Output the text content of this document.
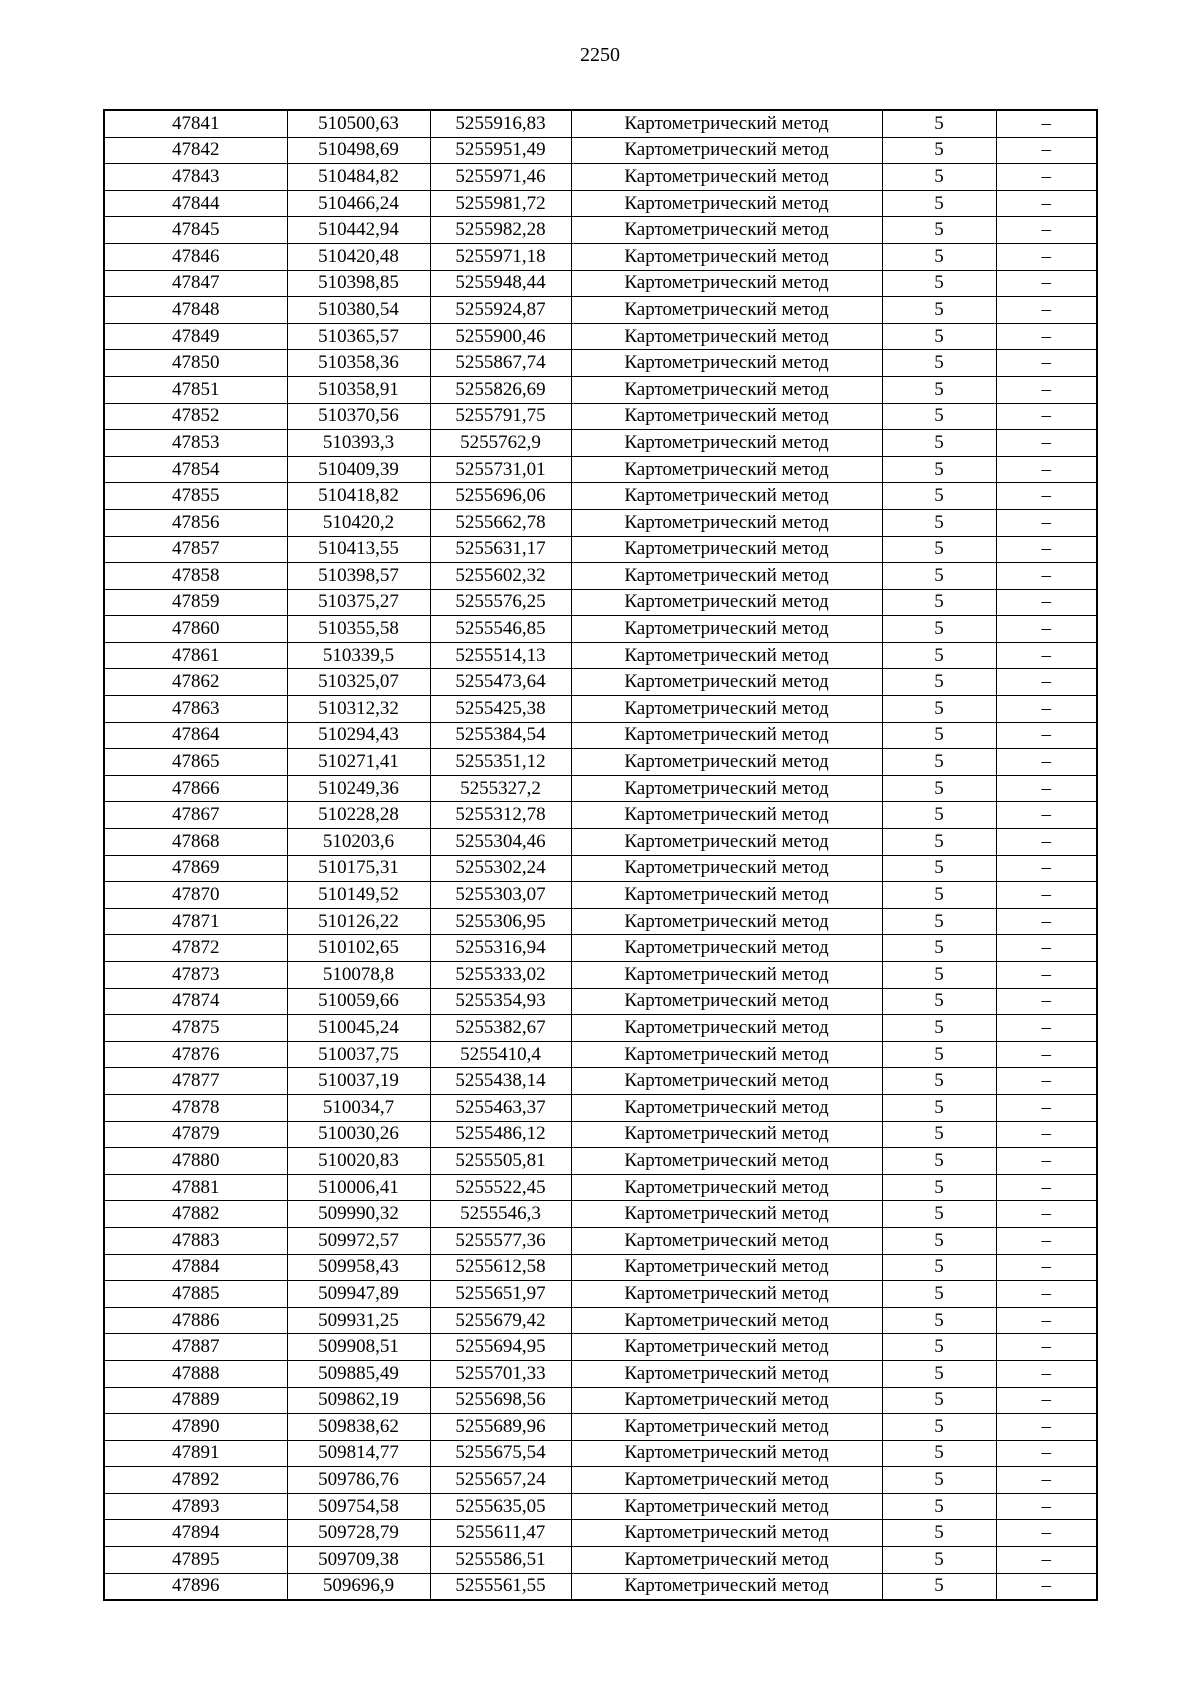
2250
47841	510500,63	5255916,83	Картометрический метод	5	–
47842	510498,69	5255951,49	Картометрический метод	5	–
47843	510484,82	5255971,46	Картометрический метод	5	–
47844	510466,24	5255981,72	Картометрический метод	5	–
47845	510442,94	5255982,28	Картометрический метод	5	–
47846	510420,48	5255971,18	Картометрический метод	5	–
47847	510398,85	5255948,44	Картометрический метод	5	–
47848	510380,54	5255924,87	Картометрический метод	5	–
47849	510365,57	5255900,46	Картометрический метод	5	–
47850	510358,36	5255867,74	Картометрический метод	5	–
47851	510358,91	5255826,69	Картометрический метод	5	–
47852	510370,56	5255791,75	Картометрический метод	5	–
47853	510393,3	5255762,9	Картометрический метод	5	–
47854	510409,39	5255731,01	Картометрический метод	5	–
47855	510418,82	5255696,06	Картометрический метод	5	–
47856	510420,2	5255662,78	Картометрический метод	5	–
47857	510413,55	5255631,17	Картометрический метод	5	–
47858	510398,57	5255602,32	Картометрический метод	5	–
47859	510375,27	5255576,25	Картометрический метод	5	–
47860	510355,58	5255546,85	Картометрический метод	5	–
47861	510339,5	5255514,13	Картометрический метод	5	–
47862	510325,07	5255473,64	Картометрический метод	5	–
47863	510312,32	5255425,38	Картометрический метод	5	–
47864	510294,43	5255384,54	Картометрический метод	5	–
47865	510271,41	5255351,12	Картометрический метод	5	–
47866	510249,36	5255327,2	Картометрический метод	5	–
47867	510228,28	5255312,78	Картометрический метод	5	–
47868	510203,6	5255304,46	Картометрический метод	5	–
47869	510175,31	5255302,24	Картометрический метод	5	–
47870	510149,52	5255303,07	Картометрический метод	5	–
47871	510126,22	5255306,95	Картометрический метод	5	–
47872	510102,65	5255316,94	Картометрический метод	5	–
47873	510078,8	5255333,02	Картометрический метод	5	–
47874	510059,66	5255354,93	Картометрический метод	5	–
47875	510045,24	5255382,67	Картометрический метод	5	–
47876	510037,75	5255410,4	Картометрический метод	5	–
47877	510037,19	5255438,14	Картометрический метод	5	–
47878	510034,7	5255463,37	Картометрический метод	5	–
47879	510030,26	5255486,12	Картометрический метод	5	–
47880	510020,83	5255505,81	Картометрический метод	5	–
47881	510006,41	5255522,45	Картометрический метод	5	–
47882	509990,32	5255546,3	Картометрический метод	5	–
47883	509972,57	5255577,36	Картометрический метод	5	–
47884	509958,43	5255612,58	Картометрический метод	5	–
47885	509947,89	5255651,97	Картометрический метод	5	–
47886	509931,25	5255679,42	Картометрический метод	5	–
47887	509908,51	5255694,95	Картометрический метод	5	–
47888	509885,49	5255701,33	Картометрический метод	5	–
47889	509862,19	5255698,56	Картометрический метод	5	–
47890	509838,62	5255689,96	Картометрический метод	5	–
47891	509814,77	5255675,54	Картометрический метод	5	–
47892	509786,76	5255657,24	Картометрический метод	5	–
47893	509754,58	5255635,05	Картометрический метод	5	–
47894	509728,79	5255611,47	Картометрический метод	5	–
47895	509709,38	5255586,51	Картометрический метод	5	–
47896	509696,9	5255561,55	Картометрический метод	5	–
